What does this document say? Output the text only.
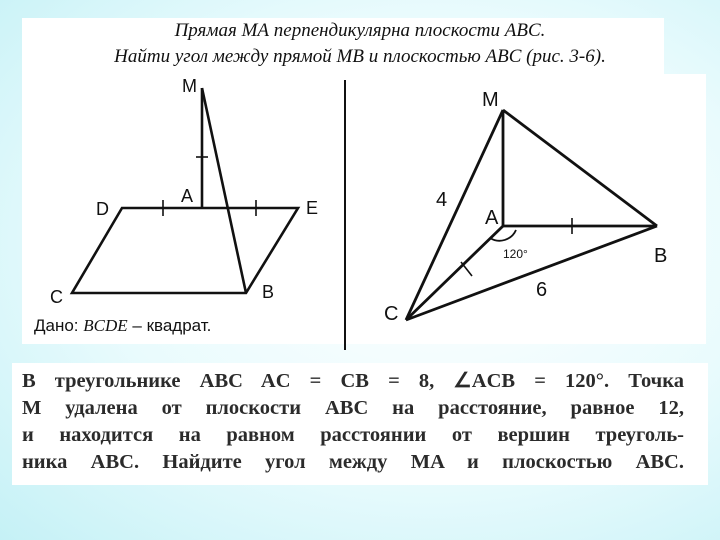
Прямая МА перпендикулярна плоскости ABC.
Найти угол между прямой МВ и плоскостью ABC (рис. 3-6).
M
A
D	E
C	B
M
A
B
C
4
6
120°
Дано: BCDE – квадрат.

В треугольнике ABC AC = CB = 8, ∠ACB = 120°. Точка

M удалена от плоскости ABC на расстояние, равное 12,

и находится на равном расстоянии от вершин треуголь-

ника ABC. Найдите угол между MA и плоскостью ABC.
